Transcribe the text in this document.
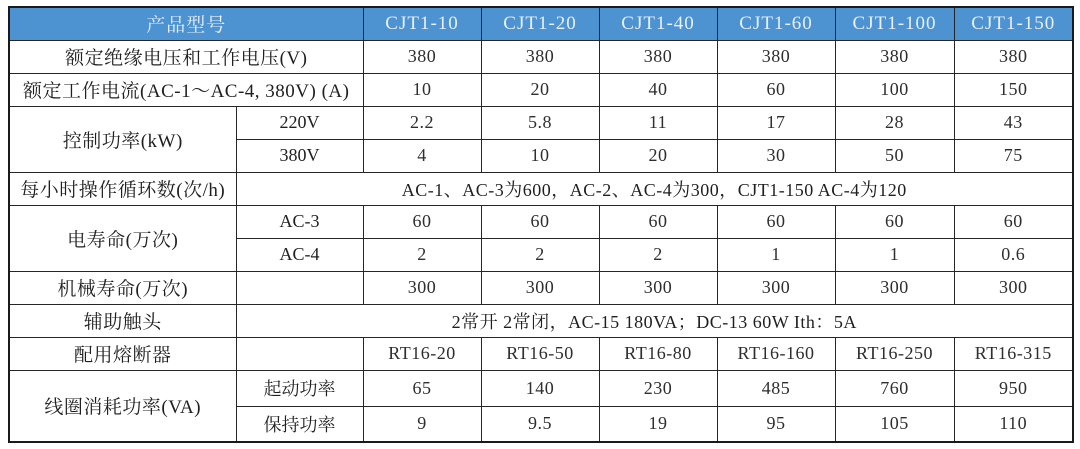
产品型号		CJT1-10	CJT1-20	CJT1-40	CJT1-60	CJT1-100	CJT1-150
额定绝缘电压和工作电压(V)		380	380	380	380	380	380
额定工作电流(AC-1～AC-4, 380V) (A)		10	20	40	60	100	150
控制功率(kW)	220V	2.2	5.8	11	17	28	43
	380V	4	10	20	30	50	75
每小时操作循环数(次/h)	AC-1、AC-3为600，AC-2、AC-4为300，CJT1-150 AC-4为120						
电寿命(万次)	AC-3	60	60	60	60	60	60
	AC-4	2	2	2	1	1	0.6
机械寿命(万次)		300	300	300	300	300	300
辅助触头	2常开 2常闭，AC-15 180VA；DC-13 60W Ith：5A						
配用熔断器		RT16-20	RT16-50	RT16-80	RT16-160	RT16-250	RT16-315
线圈消耗功率(VA)	起动功率	65	140	230	485	760	950
	保持功率	9	9.5	19	95	105	110
